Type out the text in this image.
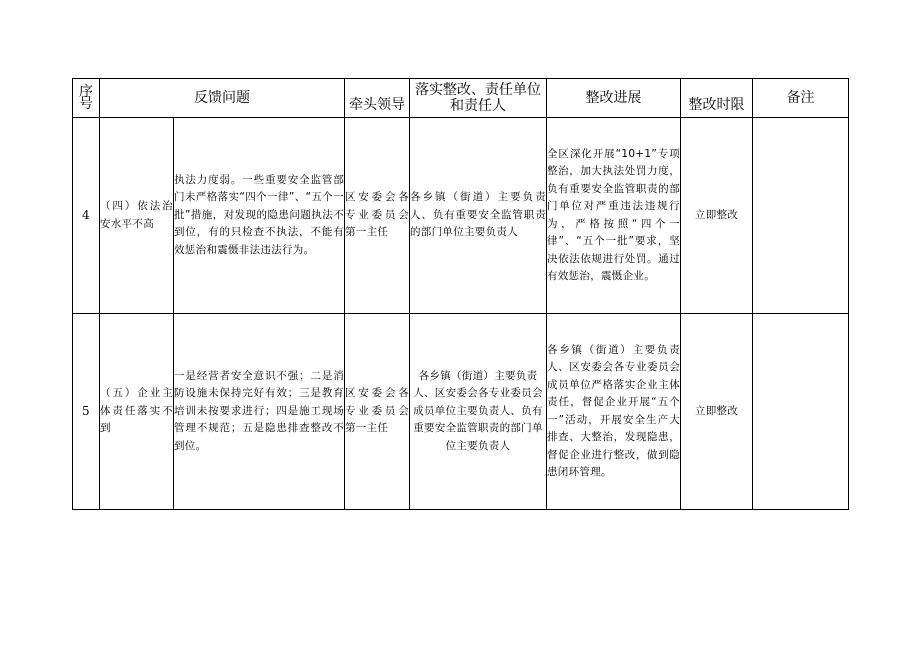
序号	反馈问题		牵头领导	落实整改、责任单位和责任人	整改进展	整改时限	备注
4	（四）依法治安水平不高	执法力度弱。一些重要安全监管部门未严格落实“四个一律”、“五个一批”措施，对发现的隐患问题执法不到位，有的只检查不执法，不能有效惩治和震慑非法违法行为。	区安委会各专业委员会第一主任	各乡镇（街道）主要负责人、负有重要安全监管职责的部门单位主要负责人	全区深化开展“10+1”专项整治，加大执法处罚力度，负有重要安全监管职责的部门单位对严重违法违规行为，严格按照“四个一律”、“五个一批”要求，坚决依法依规进行处罚。通过有效惩治，震慑企业。	立即整改	
5	（五）企业主体责任落实不到	一是经营者安全意识不强；二是消防设施未保持完好有效；三是教育培训未按要求进行；四是施工现场管理不规范；五是隐患排查整改不到位。	区安委会各专业委员会第一主任	各乡镇（街道）主要负责人、区安委会各专业委员会成员单位主要负责人、负有重要安全监管职责的部门单位主要负责人	各乡镇（街道）主要负责人、区安委会各专业委员会成员单位严格落实企业主体责任，督促企业开展“五个一”活动，开展安全生产大排查、大整治，发现隐患，督促企业进行整改，做到隐患闭环管理。	立即整改	
